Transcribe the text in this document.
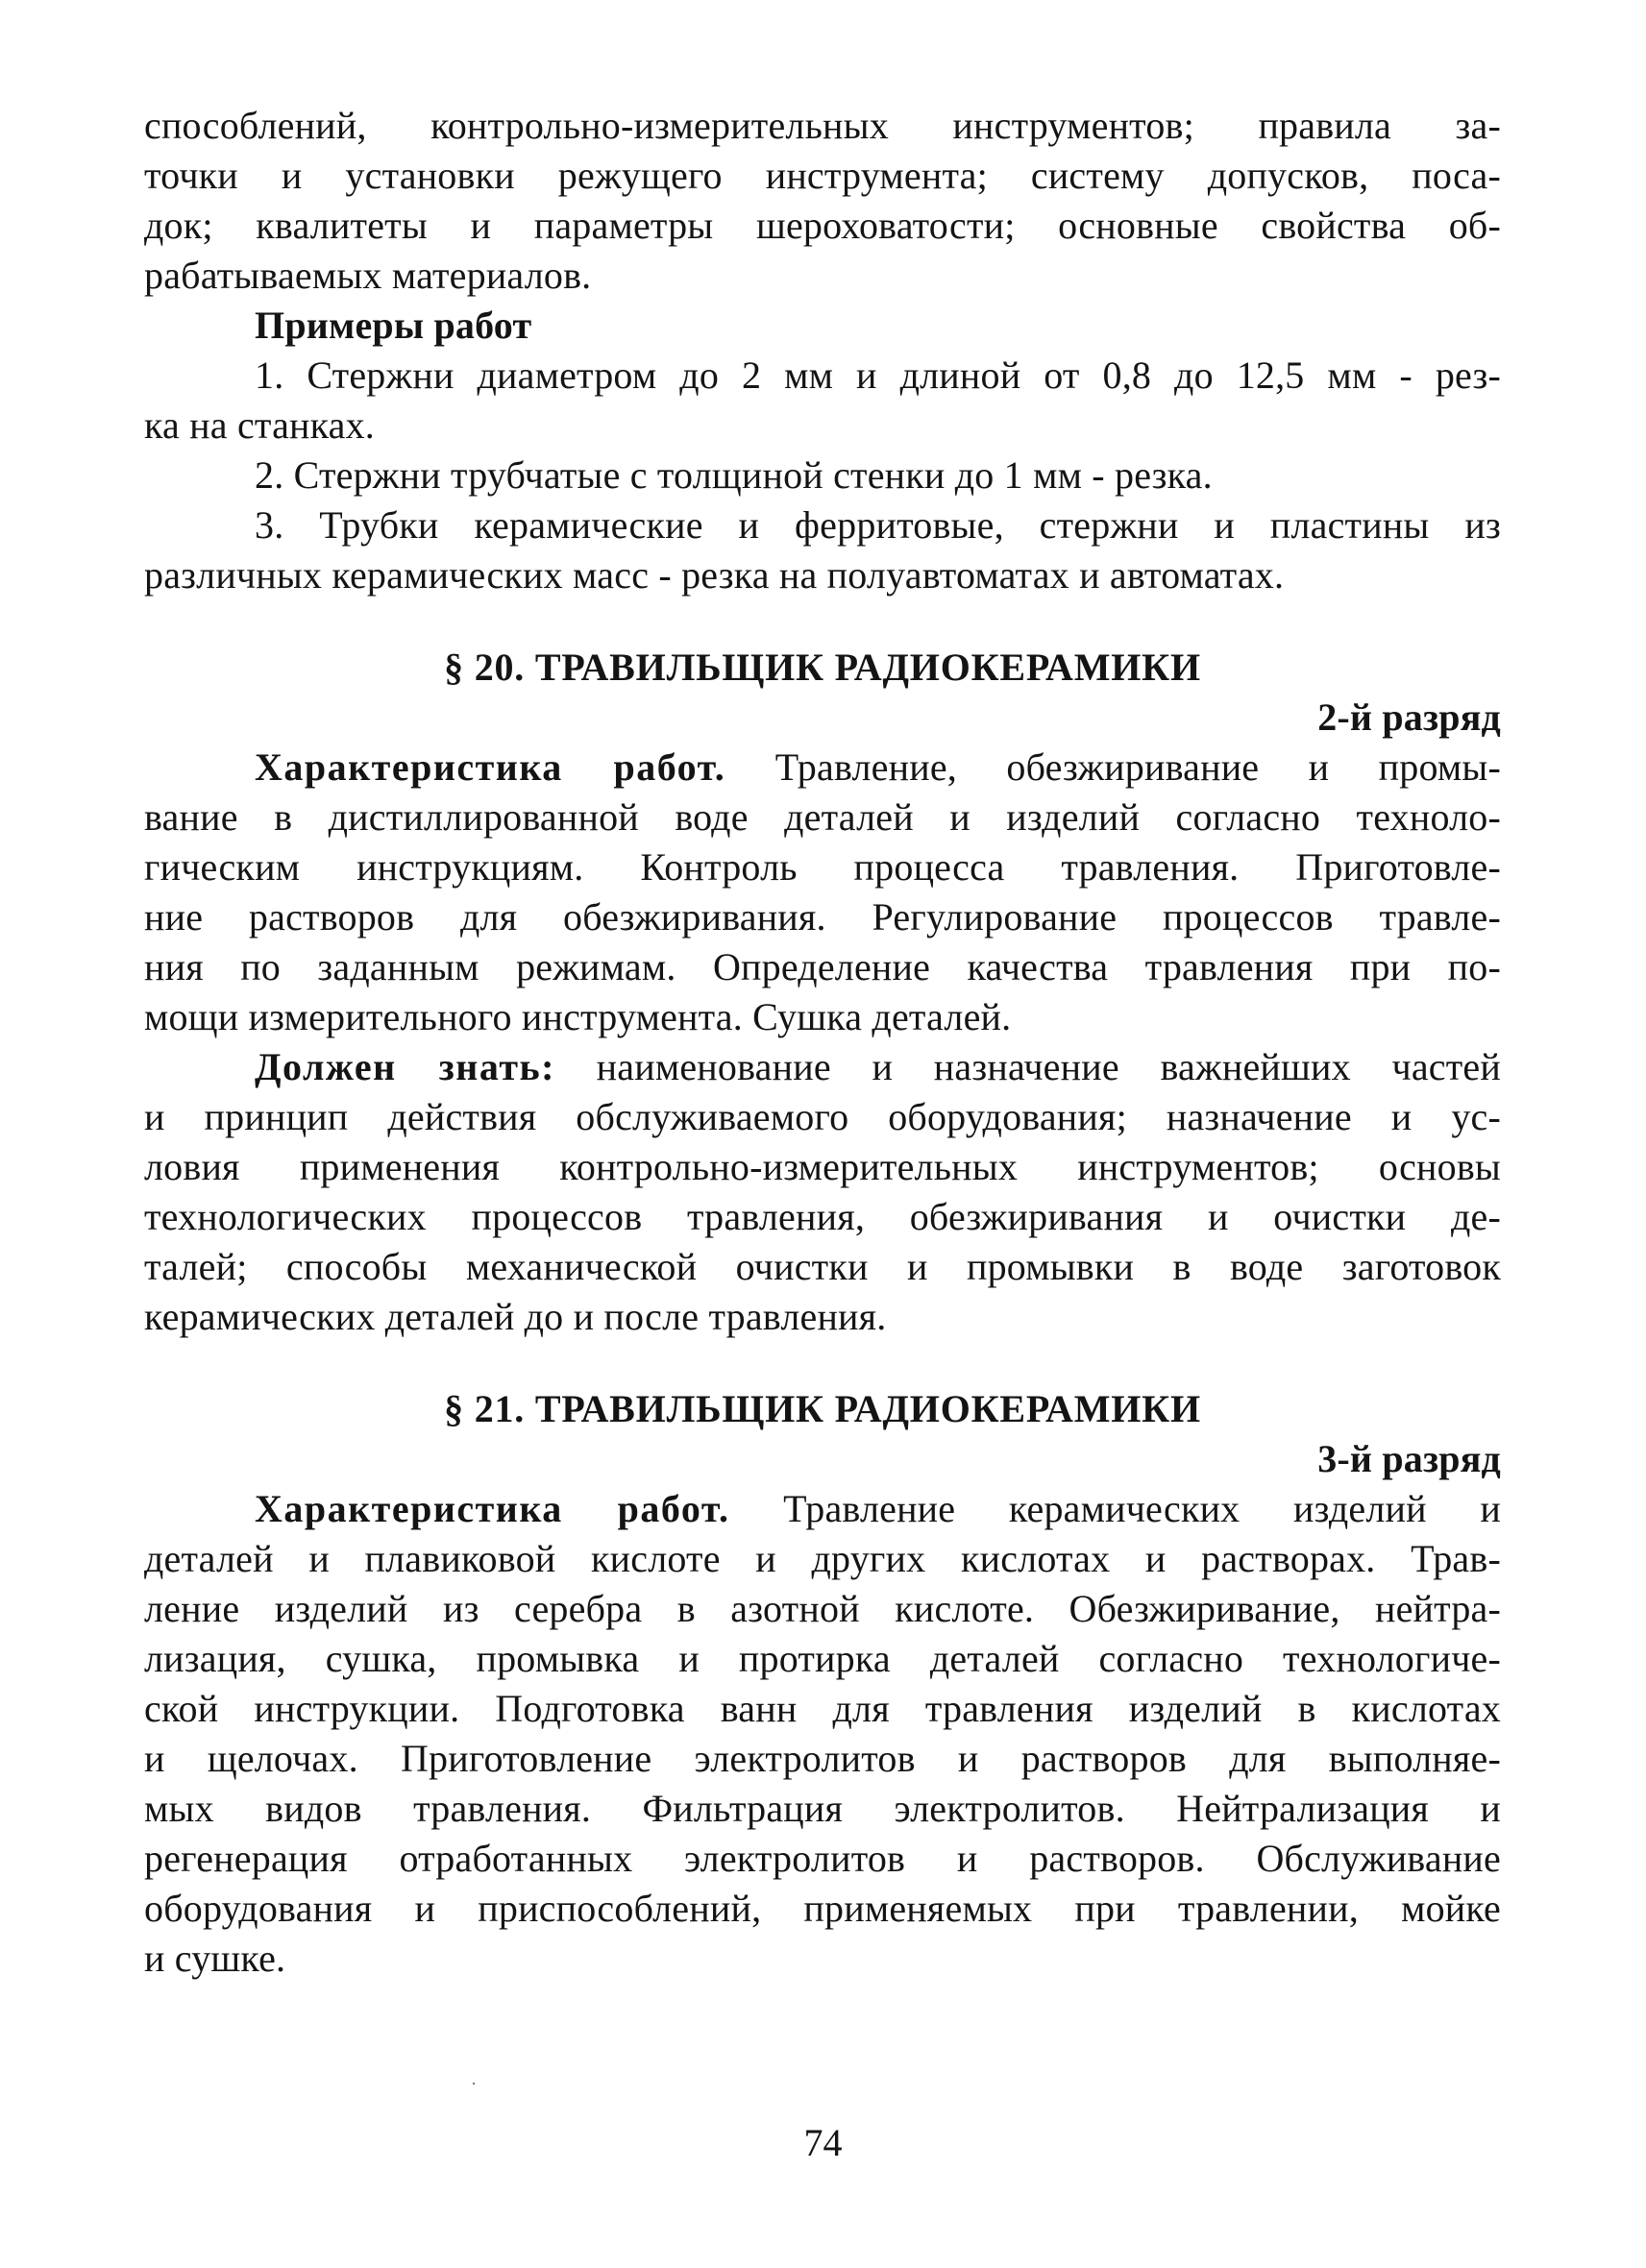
способлений, контрольно-измерительных инструментов; правила за-
точки и установки режущего инструмента; систему допусков, поса-
док; квалитеты и параметры шероховатости; основные свойства об-
рабатываемых материалов.
Примеры работ
1. Стержни диаметром до 2 мм и длиной от 0,8 до 12,5 мм - рез-
ка на станках.
2. Стержни трубчатые с толщиной стенки до 1 мм - резка.
3. Трубки керамические и ферритовые, стержни и пластины из
различных керамических масс - резка на полуавтоматах и автоматах.
§ 20. ТРАВИЛЬЩИК РАДИОКЕРАМИКИ
2-й разряд
Характеристика работ. Травление, обезжиривание и промы-
вание в дистиллированной воде деталей и изделий согласно техноло-
гическим инструкциям. Контроль процесса травления. Приготовле-
ние растворов для обезжиривания. Регулирование процессов травле-
ния по заданным режимам. Определение качества травления при по-
мощи измерительного инструмента. Сушка деталей.
Должен знать: наименование и назначение важнейших частей
и принцип действия обслуживаемого оборудования; назначение и ус-
ловия применения контрольно-измерительных инструментов; основы
технологических процессов травления, обезжиривания и очистки де-
талей; способы механической очистки и промывки в воде заготовок
керамических деталей до и после травления.
§ 21. ТРАВИЛЬЩИК РАДИОКЕРАМИКИ
3-й разряд
Характеристика работ. Травление керамических изделий и
деталей и плавиковой кислоте и других кислотах и растворах. Трав-
ление изделий из серебра в азотной кислоте. Обезжиривание, нейтра-
лизация, сушка, промывка и протирка деталей согласно технологиче-
ской инструкции. Подготовка ванн для травления изделий в кислотах
и щелочах. Приготовление электролитов и растворов для выполняе-
мых видов травления. Фильтрация электролитов. Нейтрализация и
регенерация отработанных электролитов и растворов. Обслуживание
оборудования и приспособлений, применяемых при травлении, мойке
и сушке.
74
